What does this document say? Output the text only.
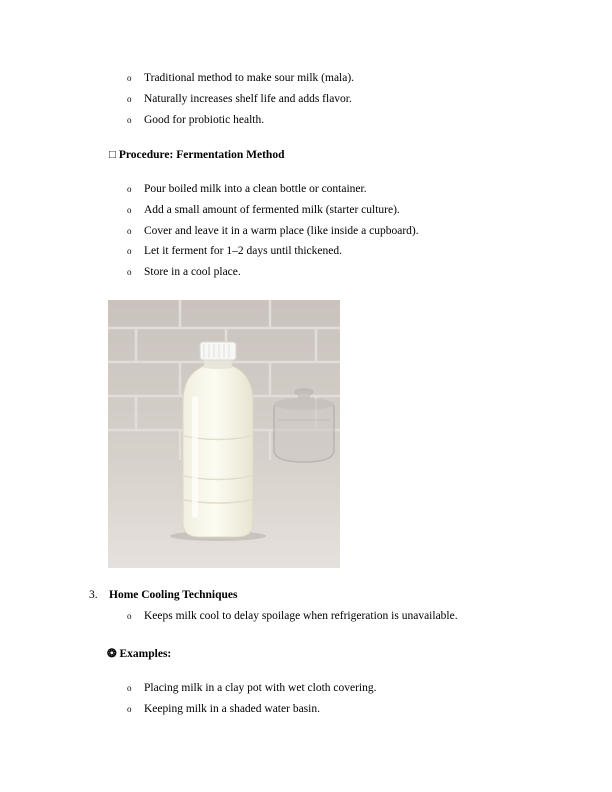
o Traditional method to make sour milk (mala).
o Naturally increases shelf life and adds flavor.
o Good for probiotic health.
□ Procedure: Fermentation Method
o Pour boiled milk into a clean bottle or container.
o Add a small amount of fermented milk (starter culture).
o Cover and leave it in a warm place (like inside a cupboard).
o Let it ferment for 1–2 days until thickened.
o Store in a cool place.
3. Home Cooling Techniques
o Keeps milk cool to delay spoilage when refrigeration is unavailable.
❂ Examples:
o Placing milk in a clay pot with wet cloth covering.
o Keeping milk in a shaded water basin.
